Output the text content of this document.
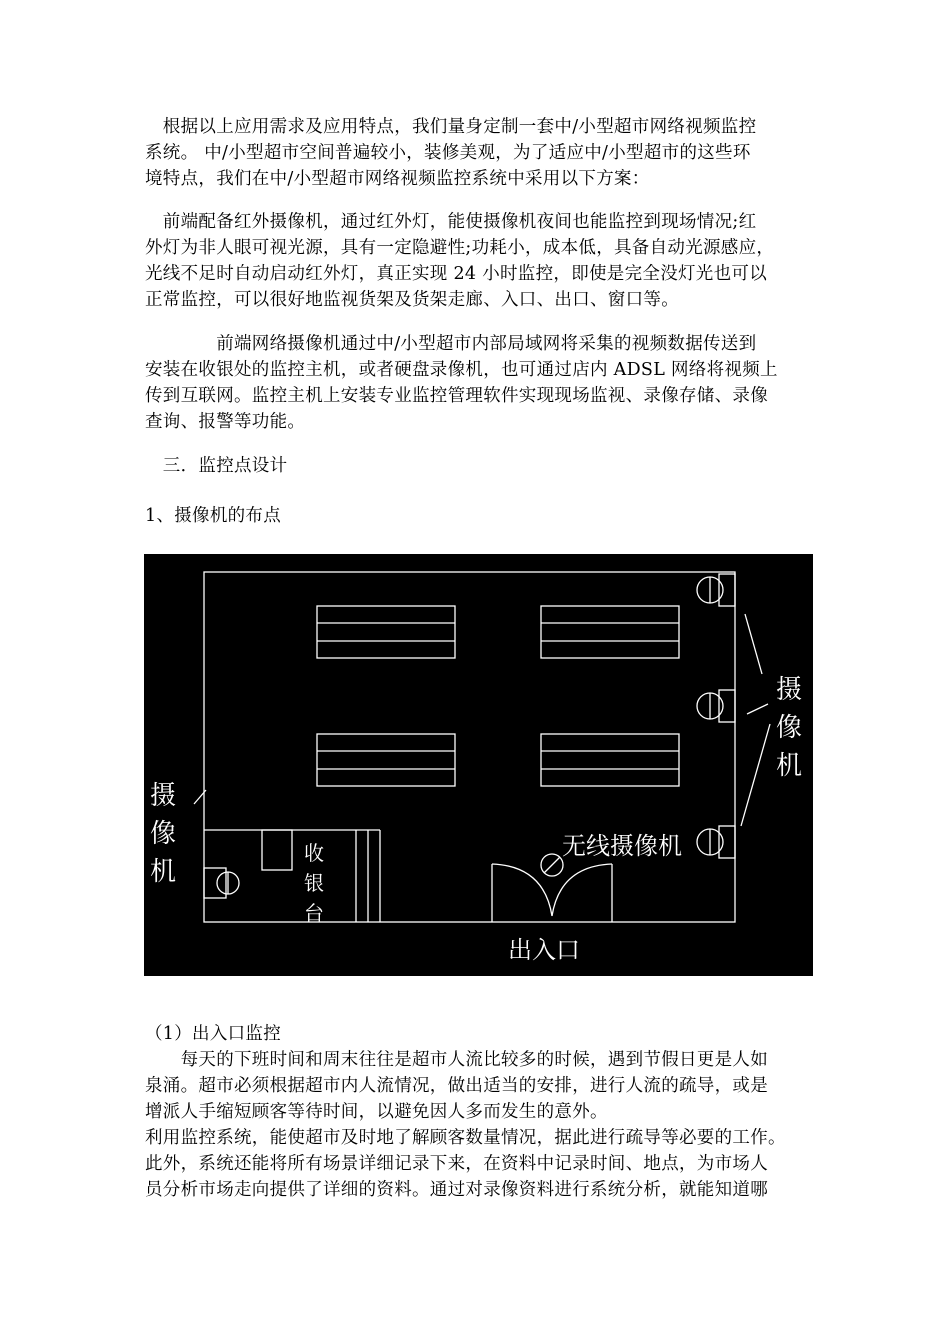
　根据以上应用需求及应用特点，我们量身定制一套中/小型超市网络视频监控
系统。 中/小型超市空间普遍较小，装修美观，为了适应中/小型超市的这些环
境特点，我们在中/小型超市网络视频监控系统中采用以下方案：

　前端配备红外摄像机，通过红外灯，能使摄像机夜间也能监控到现场情况;红
外灯为非人眼可视光源，具有一定隐避性;功耗小，成本低，具备自动光源感应，
光线不足时自动启动红外灯，真正实现 24 小时监控，即使是完全没灯光也可以
正常监控，可以很好地监视货架及货架走廊、入口、出口、窗口等。

　　　　前端网络摄像机通过中/小型超市内部局域网将采集的视频数据传送到
安装在收银处的监控主机，或者硬盘录像机，也可通过店内 ADSL 网络将视频上
传到互联网。监控主机上安装专业监控管理软件实现现场监视、录像存储、录像
查询、报警等功能。

　三．监控点设计

1、摄像机的布点

摄
像
机
摄
像
机
无线摄像机
收
银
台
出入口

（1）出入口监控

　　每天的下班时间和周末往往是超市人流比较多的时候，遇到节假日更是人如
泉涌。超市必须根据超市内人流情况，做出适当的安排，进行人流的疏导，或是
增派人手缩短顾客等待时间，以避免因人多而发生的意外。
利用监控系统，能使超市及时地了解顾客数量情况，据此进行疏导等必要的工作。
此外，系统还能将所有场景详细记录下来，在资料中记录时间、地点，为市场人
员分析市场走向提供了详细的资料。通过对录像资料进行系统分析，就能知道哪
